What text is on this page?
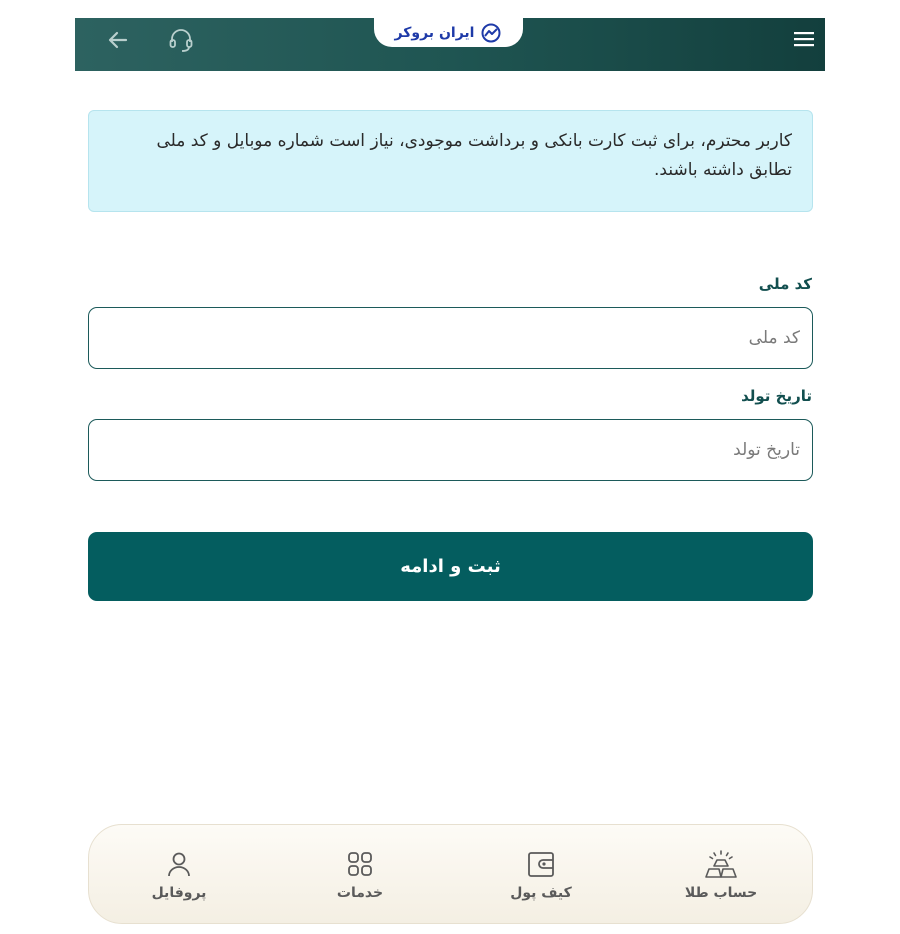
ایران بروکر
کاربر محترم، برای ثبت کارت بانکی و برداشت موجودی، نیاز است شماره موبایل و کد ملی تطابق داشته باشند.
کد ملی
کد ملی
تاریخ تولد
تاریخ تولد
ثبت و ادامه
حساب طلا
کیف پول
خدمات
پروفایل
